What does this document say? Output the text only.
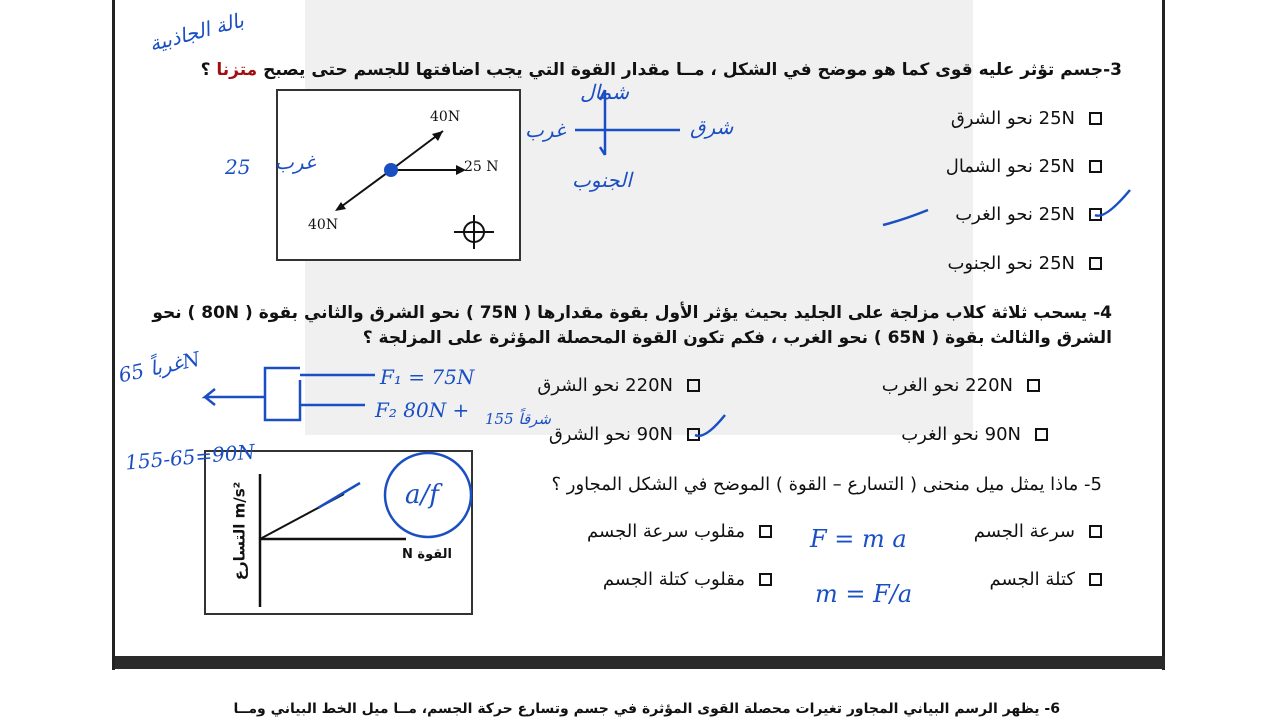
3-جسم تؤثر عليه قوى كما هو موضح في الشكل ، مــا مقدار القوة التي يجب اضافتها للجسم حتى يصبح متزنا ؟
40N
25 N
40N
25N نحو الشرق
25N نحو الشمال
25N نحو الغرب
25N نحو الجنوب
4- يسحب ثلاثة كلاب مزلجة على الجليد بحيث يؤثر الأول بقوة مقدارها ( 75N ) نحو الشرق والثاني بقوة ( 80N ) نحو
الشرق والثالث بقوة ( 65N ) نحو الغرب ، فكم تكون القوة المحصلة المؤثرة على المزلجة ؟
220N نحو الغرب
220N نحو الشرق
90N نحو الغرب
90N نحو الشرق
5- ماذا يمثل ميل منحنى ( التسارع – القوة ) الموضح في الشكل المجاور ؟
التسارع m/s²
القوة N
سرعة الجسم
مقلوب سرعة الجسم
كتلة الجسم
مقلوب كتلة الجسم
6- يظهر الرسم البياني المجاور تغيرات محصلة القوى المؤثرة في جسم وتسارع حركة الجسم، مــا ميل الخط البياني ومــا
بالة الجاذبية
شمال
شرق
غرب
الجنوب
غرب
25
غرباً 65N
F₁ = 75N
F₂ 80N +
155-65=90N
شرقاً 155
a/f
F = m a
m = F/a
